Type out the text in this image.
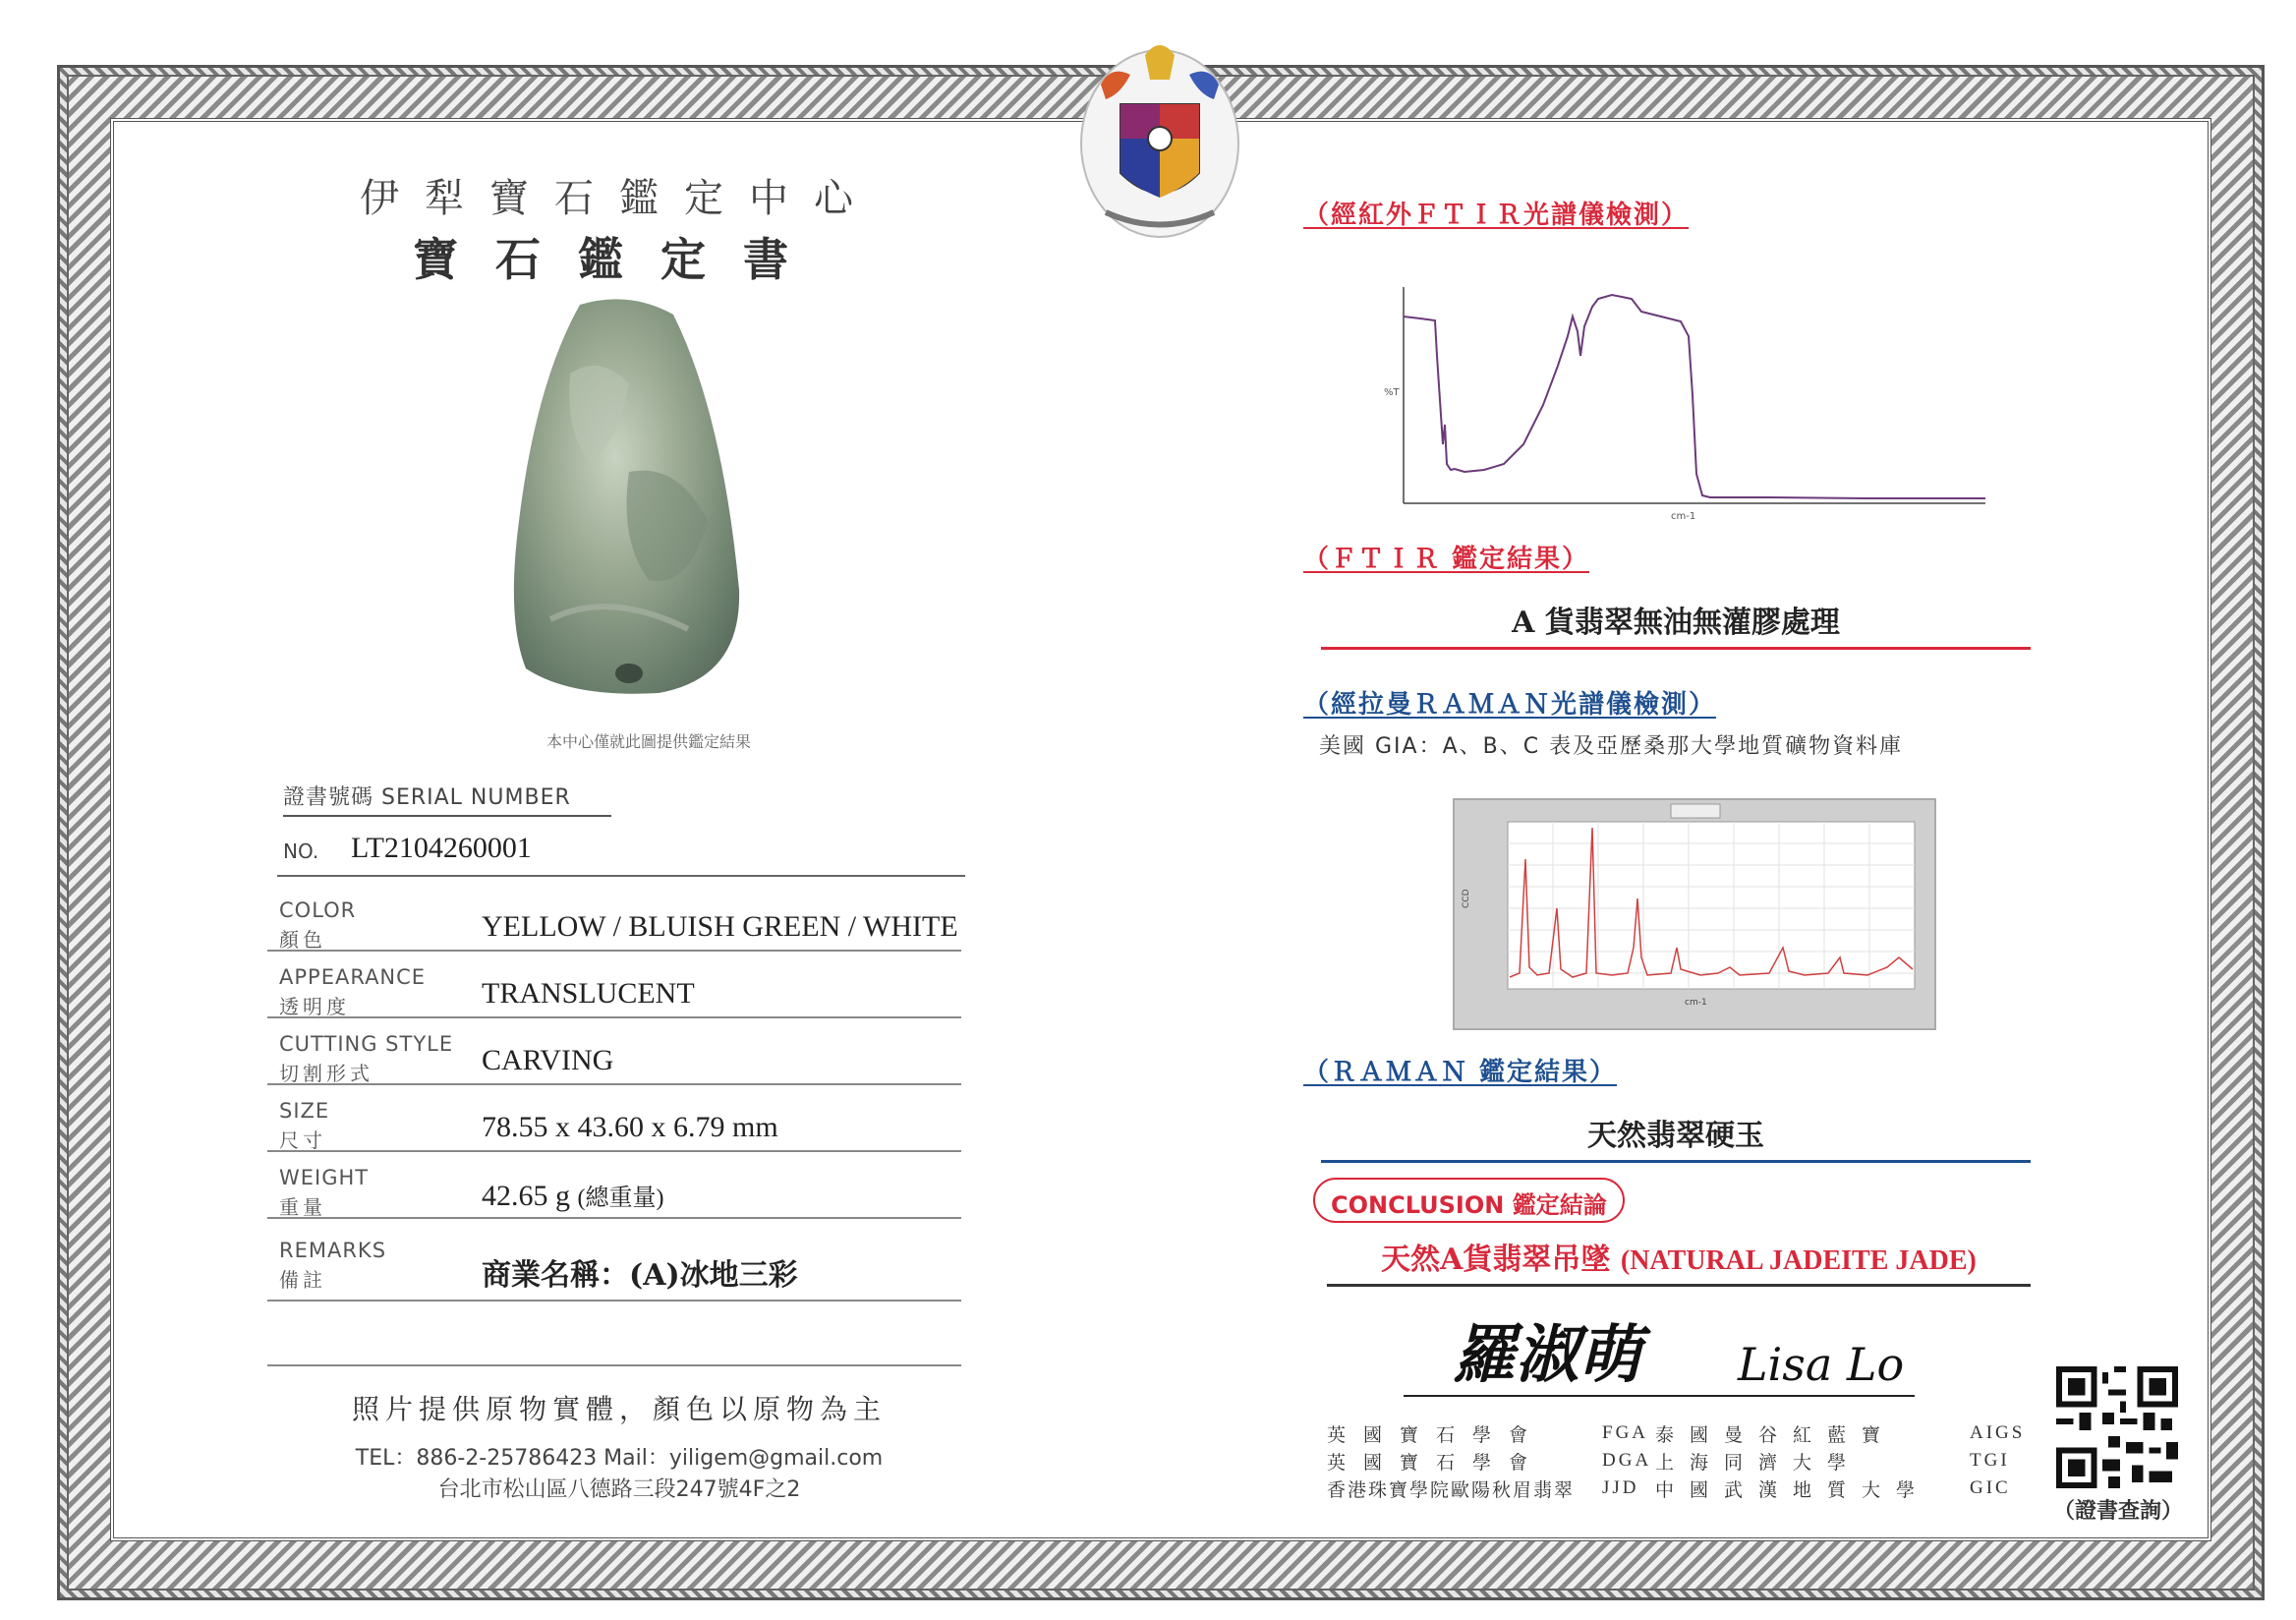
伊犁寶石鑑定中心
寶石鑑定書
本中心僅就此圖提供鑑定結果
證書號碼 SERIAL NUMBER
NO. LT2104260001
COLOR
顏色	YELLOW / BLUISH GREEN / WHITE
APPEARANCE
透明度	TRANSLUCENT
CUTTING STYLE
切割形式	CARVING
SIZE
尺寸	78.55 x 43.60 x 6.79 mm
WEIGHT
重量	42.65 g (總重量)
REMARKS
備註	商業名稱：(A)冰地三彩
照片提供原物實體，顏色以原物為主
TEL：886-2-25786423 Mail：yiligem@gmail.com
台北市松山區八德路三段247號4F之2
（經紅外ＦＴＩＲ光譜儀檢測）
%T
cm-1
（ＦＴＩＲ 鑑定結果）
A 貨翡翠無油無灌膠處理
（經拉曼ＲＡＭＡＮ光譜儀檢測）
美國 GIA：A、B、C 表及亞歷桑那大學地質礦物資料庫
CCD
cm-1
（ＲＡＭＡＮ 鑑定結果）
天然翡翠硬玉
CONCLUSION 鑑定結論
天然A貨翡翠吊墜 (NATURAL JADEITE JADE)
羅淑萌 Lisa Lo
英國寶石學會	FGA 泰國曼谷紅藍寶	AIGS
英國寶石學會	DGA 上海同濟大學	TGI
香港珠寶學院歐陽秋眉翡翠	JJD 中國武漢地質大學	GIC
（證書查詢）
